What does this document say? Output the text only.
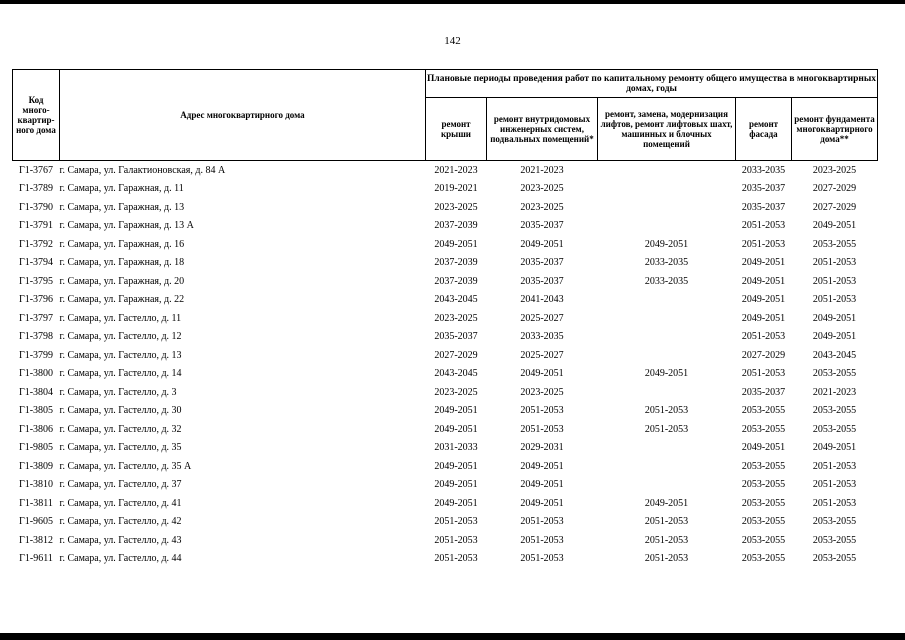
142
Код много-квартир-ного дома	Адрес многоквартирного дома	Плановые периоды проведения работ по капитальному ремонту общего имущества в многоквартирных домах, годы				
		ремонт крыши	ремонт внутридомовых инженерных систем, подвальных помещений*	ремонт, замена, модернизация лифтов, ремонт лифтовых шахт, машинных и блочных помещений	ремонт фасада	ремонт фундамента многоквартирного дома**
Г1-3767	г. Самара, ул. Галактионовская, д. 84 А	2021-2023	2021-2023		2033-2035	2023-2025
Г1-3789	г. Самара, ул. Гаражная, д. 11	2019-2021	2023-2025		2035-2037	2027-2029
Г1-3790	г. Самара, ул. Гаражная, д. 13	2023-2025	2023-2025		2035-2037	2027-2029
Г1-3791	г. Самара, ул. Гаражная, д. 13 А	2037-2039	2035-2037		2051-2053	2049-2051
Г1-3792	г. Самара, ул. Гаражная, д. 16	2049-2051	2049-2051	2049-2051	2051-2053	2053-2055
Г1-3794	г. Самара, ул. Гаражная, д. 18	2037-2039	2035-2037	2033-2035	2049-2051	2051-2053
Г1-3795	г. Самара, ул. Гаражная, д. 20	2037-2039	2035-2037	2033-2035	2049-2051	2051-2053
Г1-3796	г. Самара, ул. Гаражная, д. 22	2043-2045	2041-2043		2049-2051	2051-2053
Г1-3797	г. Самара, ул. Гастелло, д. 11	2023-2025	2025-2027		2049-2051	2049-2051
Г1-3798	г. Самара, ул. Гастелло, д. 12	2035-2037	2033-2035		2051-2053	2049-2051
Г1-3799	г. Самара, ул. Гастелло, д. 13	2027-2029	2025-2027		2027-2029	2043-2045
Г1-3800	г. Самара, ул. Гастелло, д. 14	2043-2045	2049-2051	2049-2051	2051-2053	2053-2055
Г1-3804	г. Самара, ул. Гастелло, д. 3	2023-2025	2023-2025		2035-2037	2021-2023
Г1-3805	г. Самара, ул. Гастелло, д. 30	2049-2051	2051-2053	2051-2053	2053-2055	2053-2055
Г1-3806	г. Самара, ул. Гастелло, д. 32	2049-2051	2051-2053	2051-2053	2053-2055	2053-2055
Г1-9805	г. Самара, ул. Гастелло, д. 35	2031-2033	2029-2031		2049-2051	2049-2051
Г1-3809	г. Самара, ул. Гастелло, д. 35 А	2049-2051	2049-2051		2053-2055	2051-2053
Г1-3810	г. Самара, ул. Гастелло, д. 37	2049-2051	2049-2051		2053-2055	2051-2053
Г1-3811	г. Самара, ул. Гастелло, д. 41	2049-2051	2049-2051	2049-2051	2053-2055	2051-2053
Г1-9605	г. Самара, ул. Гастелло, д. 42	2051-2053	2051-2053	2051-2053	2053-2055	2053-2055
Г1-3812	г. Самара, ул. Гастелло, д. 43	2051-2053	2051-2053	2051-2053	2053-2055	2053-2055
Г1-9611	г. Самара, ул. Гастелло, д. 44	2051-2053	2051-2053	2051-2053	2053-2055	2053-2055
